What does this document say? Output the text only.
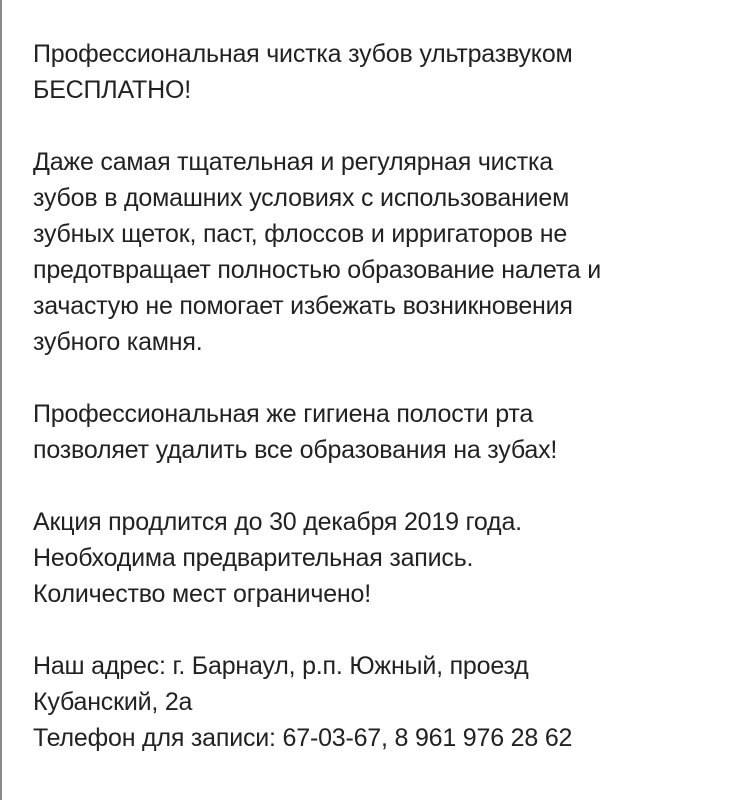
Профессиональная чистка зубов ультразвуком
БЕСПЛАТНО!

Даже самая тщательная и регулярная чистка
зубов в домашних условиях с использованием
зубных щеток, паст, флоссов и ирригаторов не
предотвращает полностью образование налета и
зачастую не помогает избежать возникновения
зубного камня.

Профессиональная же гигиена полости рта
позволяет удалить все образования на зубах!

Акция продлится до 30 декабря 2019 года.
Необходима предварительная запись.
Количество мест ограничено!

Наш адрес: г. Барнаул, р.п. Южный, проезд
Кубанский, 2а
Телефон для записи: 67-03-67, 8 961 976 28 62
